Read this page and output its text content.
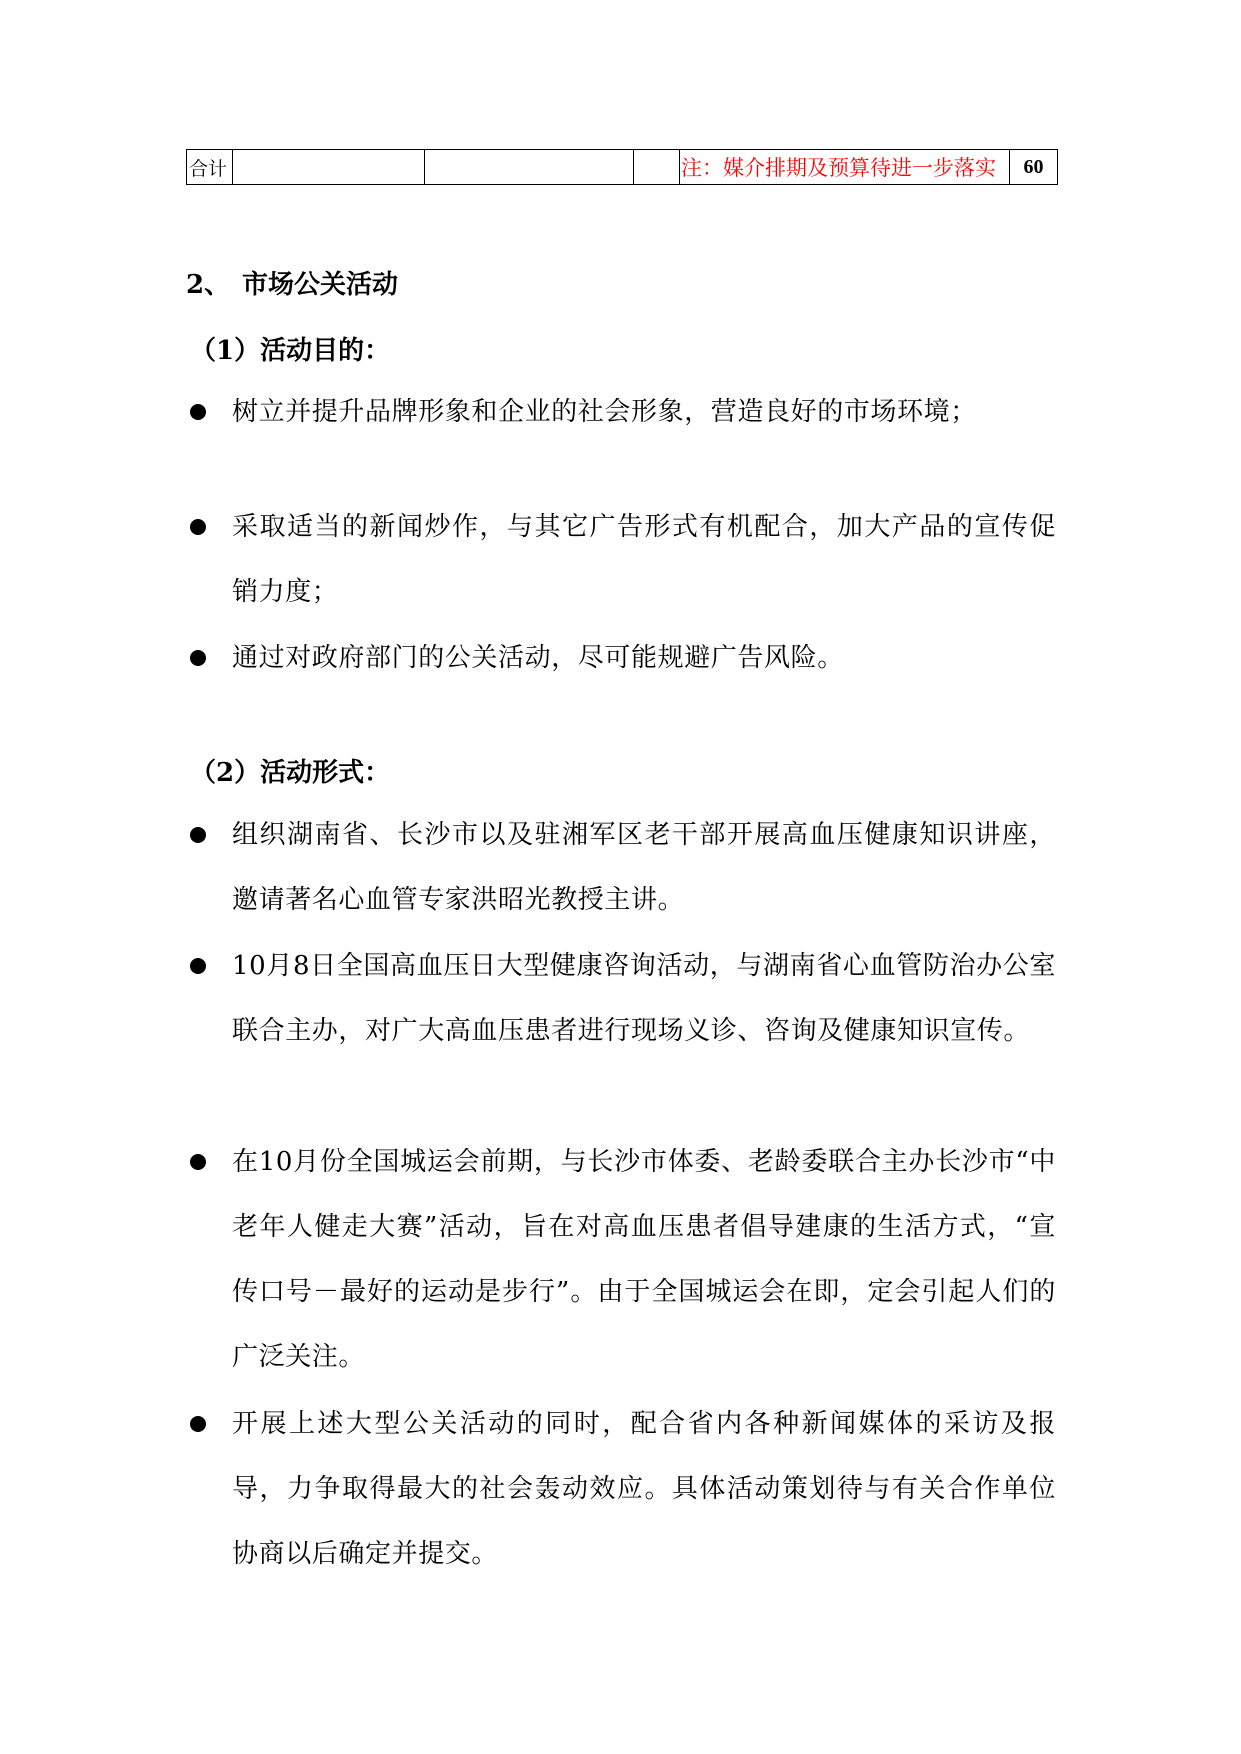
合计	注：媒介排期及预算待进一步落实	60
2、 市场公关活动
（1）活动目的：
树立并提升品牌形象和企业的社会形象，营造良好的市场环境；
采取适当的新闻炒作，与其它广告形式有机配合，加大产品的宣传促销力度；
通过对政府部门的公关活动，尽可能规避广告风险。
（2）活动形式：
组织湖南省、长沙市以及驻湘军区老干部开展高血压健康知识讲座，邀请著名心血管专家洪昭光教授主讲。
10月8日全国高血压日大型健康咨询活动，与湖南省心血管防治办公室联合主办，对广大高血压患者进行现场义诊、咨询及健康知识宣传。
在10月份全国城运会前期，与长沙市体委、老龄委联合主办长沙市“中老年人健走大赛”活动，旨在对高血压患者倡导建康的生活方式，“宣传口号－最好的运动是步行”。由于全国城运会在即，定会引起人们的广泛关注。
开展上述大型公关活动的同时，配合省内各种新闻媒体的采访及报导，力争取得最大的社会轰动效应。具体活动策划待与有关合作单位协商以后确定并提交。
